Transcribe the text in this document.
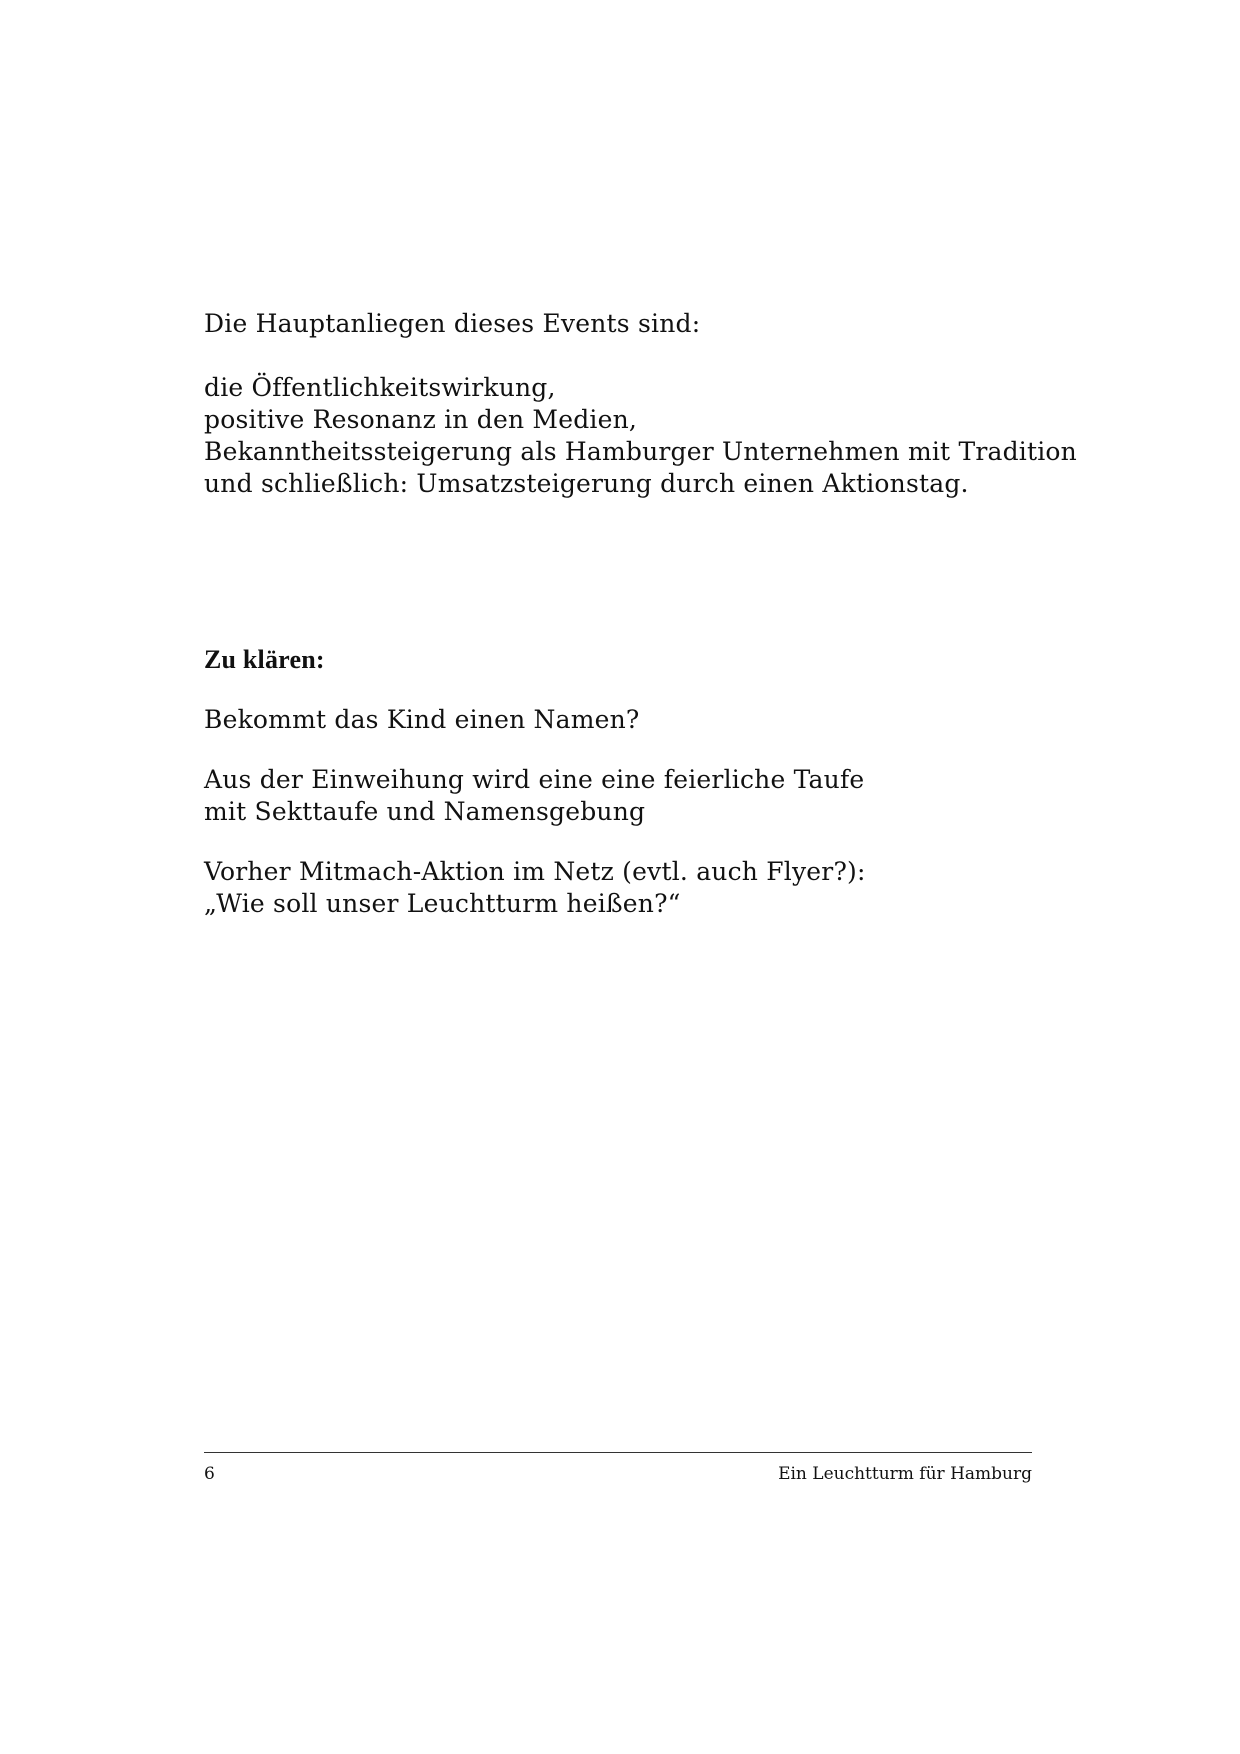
Die Hauptanliegen dieses Events sind:
die Öffentlichkeitswirkung,
positive Resonanz in den Medien,
Bekanntheitssteigerung als Hamburger Unternehmen mit Tradition
und schließlich: Umsatzsteigerung durch einen Aktionstag.
Zu klären:
Bekommt das Kind einen Namen?
Aus der Einweihung wird eine eine feierliche Taufe
mit Sekttaufe und Namensgebung
Vorher Mitmach-Aktion im Netz (evtl. auch Flyer?):
„Wie soll unser Leuchtturm heißen?“
6	Ein Leuchtturm für Hamburg
